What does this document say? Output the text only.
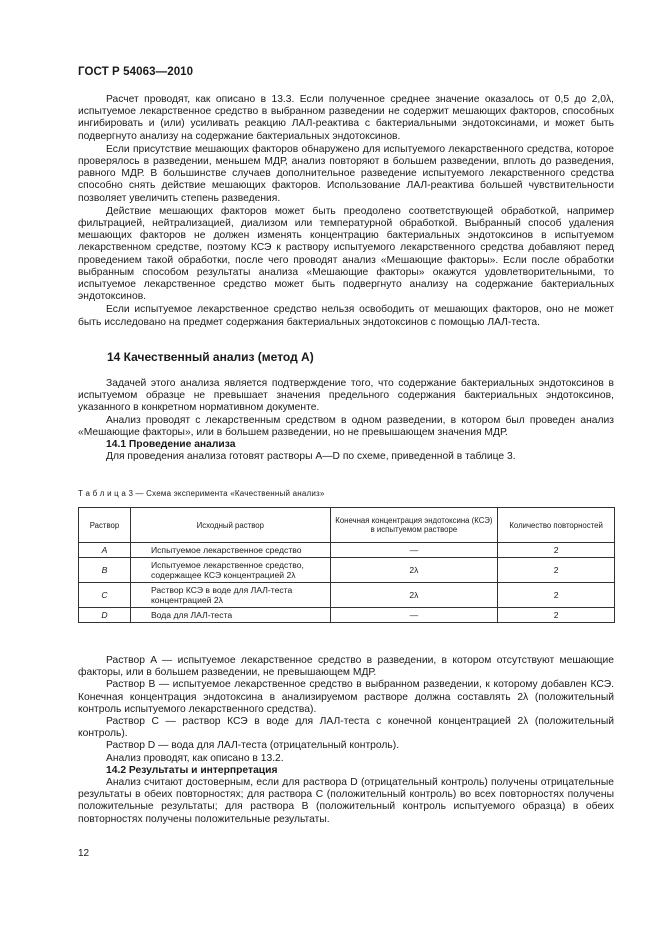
ГОСТ Р 54063—2010

Расчет проводят, как описано в 13.3. Если полученное среднее значение оказалось от 0,5 до 2,0λ, испытуемое лекарственное средство в выбранном разведении не содержит мешающих факторов, способных ингибировать и (или) усиливать реакцию ЛАЛ-реактива с бактериальными эндотоксинами, и может быть подвергнуто анализу на содержание бактериальных эндотоксинов.

Если присутствие мешающих факторов обнаружено для испытуемого лекарственного средства, которое проверялось в разведении, меньшем МДР, анализ повторяют в большем разведении, вплоть до разведения, равного МДР. В большинстве случаев дополнительное разведение испытуемого лекарственного средства способно снять действие мешающих факторов. Использование ЛАЛ-реактива большей чувствительности позволяет увеличить степень разведения.

Действие мешающих факторов может быть преодолено соответствующей обработкой, например фильтрацией, нейтрализацией, диализом или температурной обработкой. Выбранный способ удаления мешающих факторов не должен изменять концентрацию бактериальных эндотоксинов в испытуемом лекарственном средстве, поэтому КСЭ к раствору испытуемого лекарственного средства добавляют перед проведением такой обработки, после чего проводят анализ «Мешающие факторы». Если после обработки выбранным способом результаты анализа «Мешающие факторы» окажутся удовлетворительными, то испытуемое лекарственное средство может быть подвергнуто анализу на содержание бактериальных эндотоксинов.

Если испытуемое лекарственное средство нельзя освободить от мешающих факторов, оно не может быть исследовано на предмет содержания бактериальных эндотоксинов с помощью ЛАЛ-теста.

14 Качественный анализ (метод A)

Задачей этого анализа является подтверждение того, что содержание бактериальных эндотоксинов в испытуемом образце не превышает значения предельного содержания бактериальных эндотоксинов, указанного в конкретном нормативном документе.

Анализ проводят с лекарственным средством в одном разведении, в котором был проведен анализ «Мешающие факторы», или в большем разведении, но не превышающем значения МДР.

14.1 Проведение анализа

Для проведения анализа готовят растворы A—D по схеме, приведенной в таблице 3.

Т а б л и ц а 3 — Схема эксперимента «Качественный анализ»
Раствор	Исходный раствор	Конечная концентрация эндотоксина (КСЭ) в испытуемом растворе	Количество повторностей
A	Испытуемое лекарственное средство	—	2
B	Испытуемое лекарственное средство, содержащее КСЭ концентрацией 2λ	2λ	2
C	Раствор КСЭ в воде для ЛАЛ-теста концентрацией 2λ	2λ	2
D	Вода для ЛАЛ-теста	—	2

Раствор A — испытуемое лекарственное средство в разведении, в котором отсутствуют мешающие факторы, или в большем разведении, не превышающем МДР.

Раствор B — испытуемое лекарственное средство в выбранном разведении, к которому добавлен КСЭ. Конечная концентрация эндотоксина в анализируемом растворе должна составлять 2λ (положительный контроль испытуемого лекарственного средства).

Раствор C — раствор КСЭ в воде для ЛАЛ-теста с конечной концентрацией 2λ (положительный контроль).

Раствор D — вода для ЛАЛ-теста (отрицательный контроль).

Анализ проводят, как описано в 13.2.

14.2 Результаты и интерпретация

Анализ считают достоверным, если для раствора D (отрицательный контроль) получены отрицательные результаты в обеих повторностях; для раствора C (положительный контроль) во всех повторностях получены положительные результаты; для раствора B (положительный контроль испытуемого образца) в обеих повторностях получены положительные результаты.

12
